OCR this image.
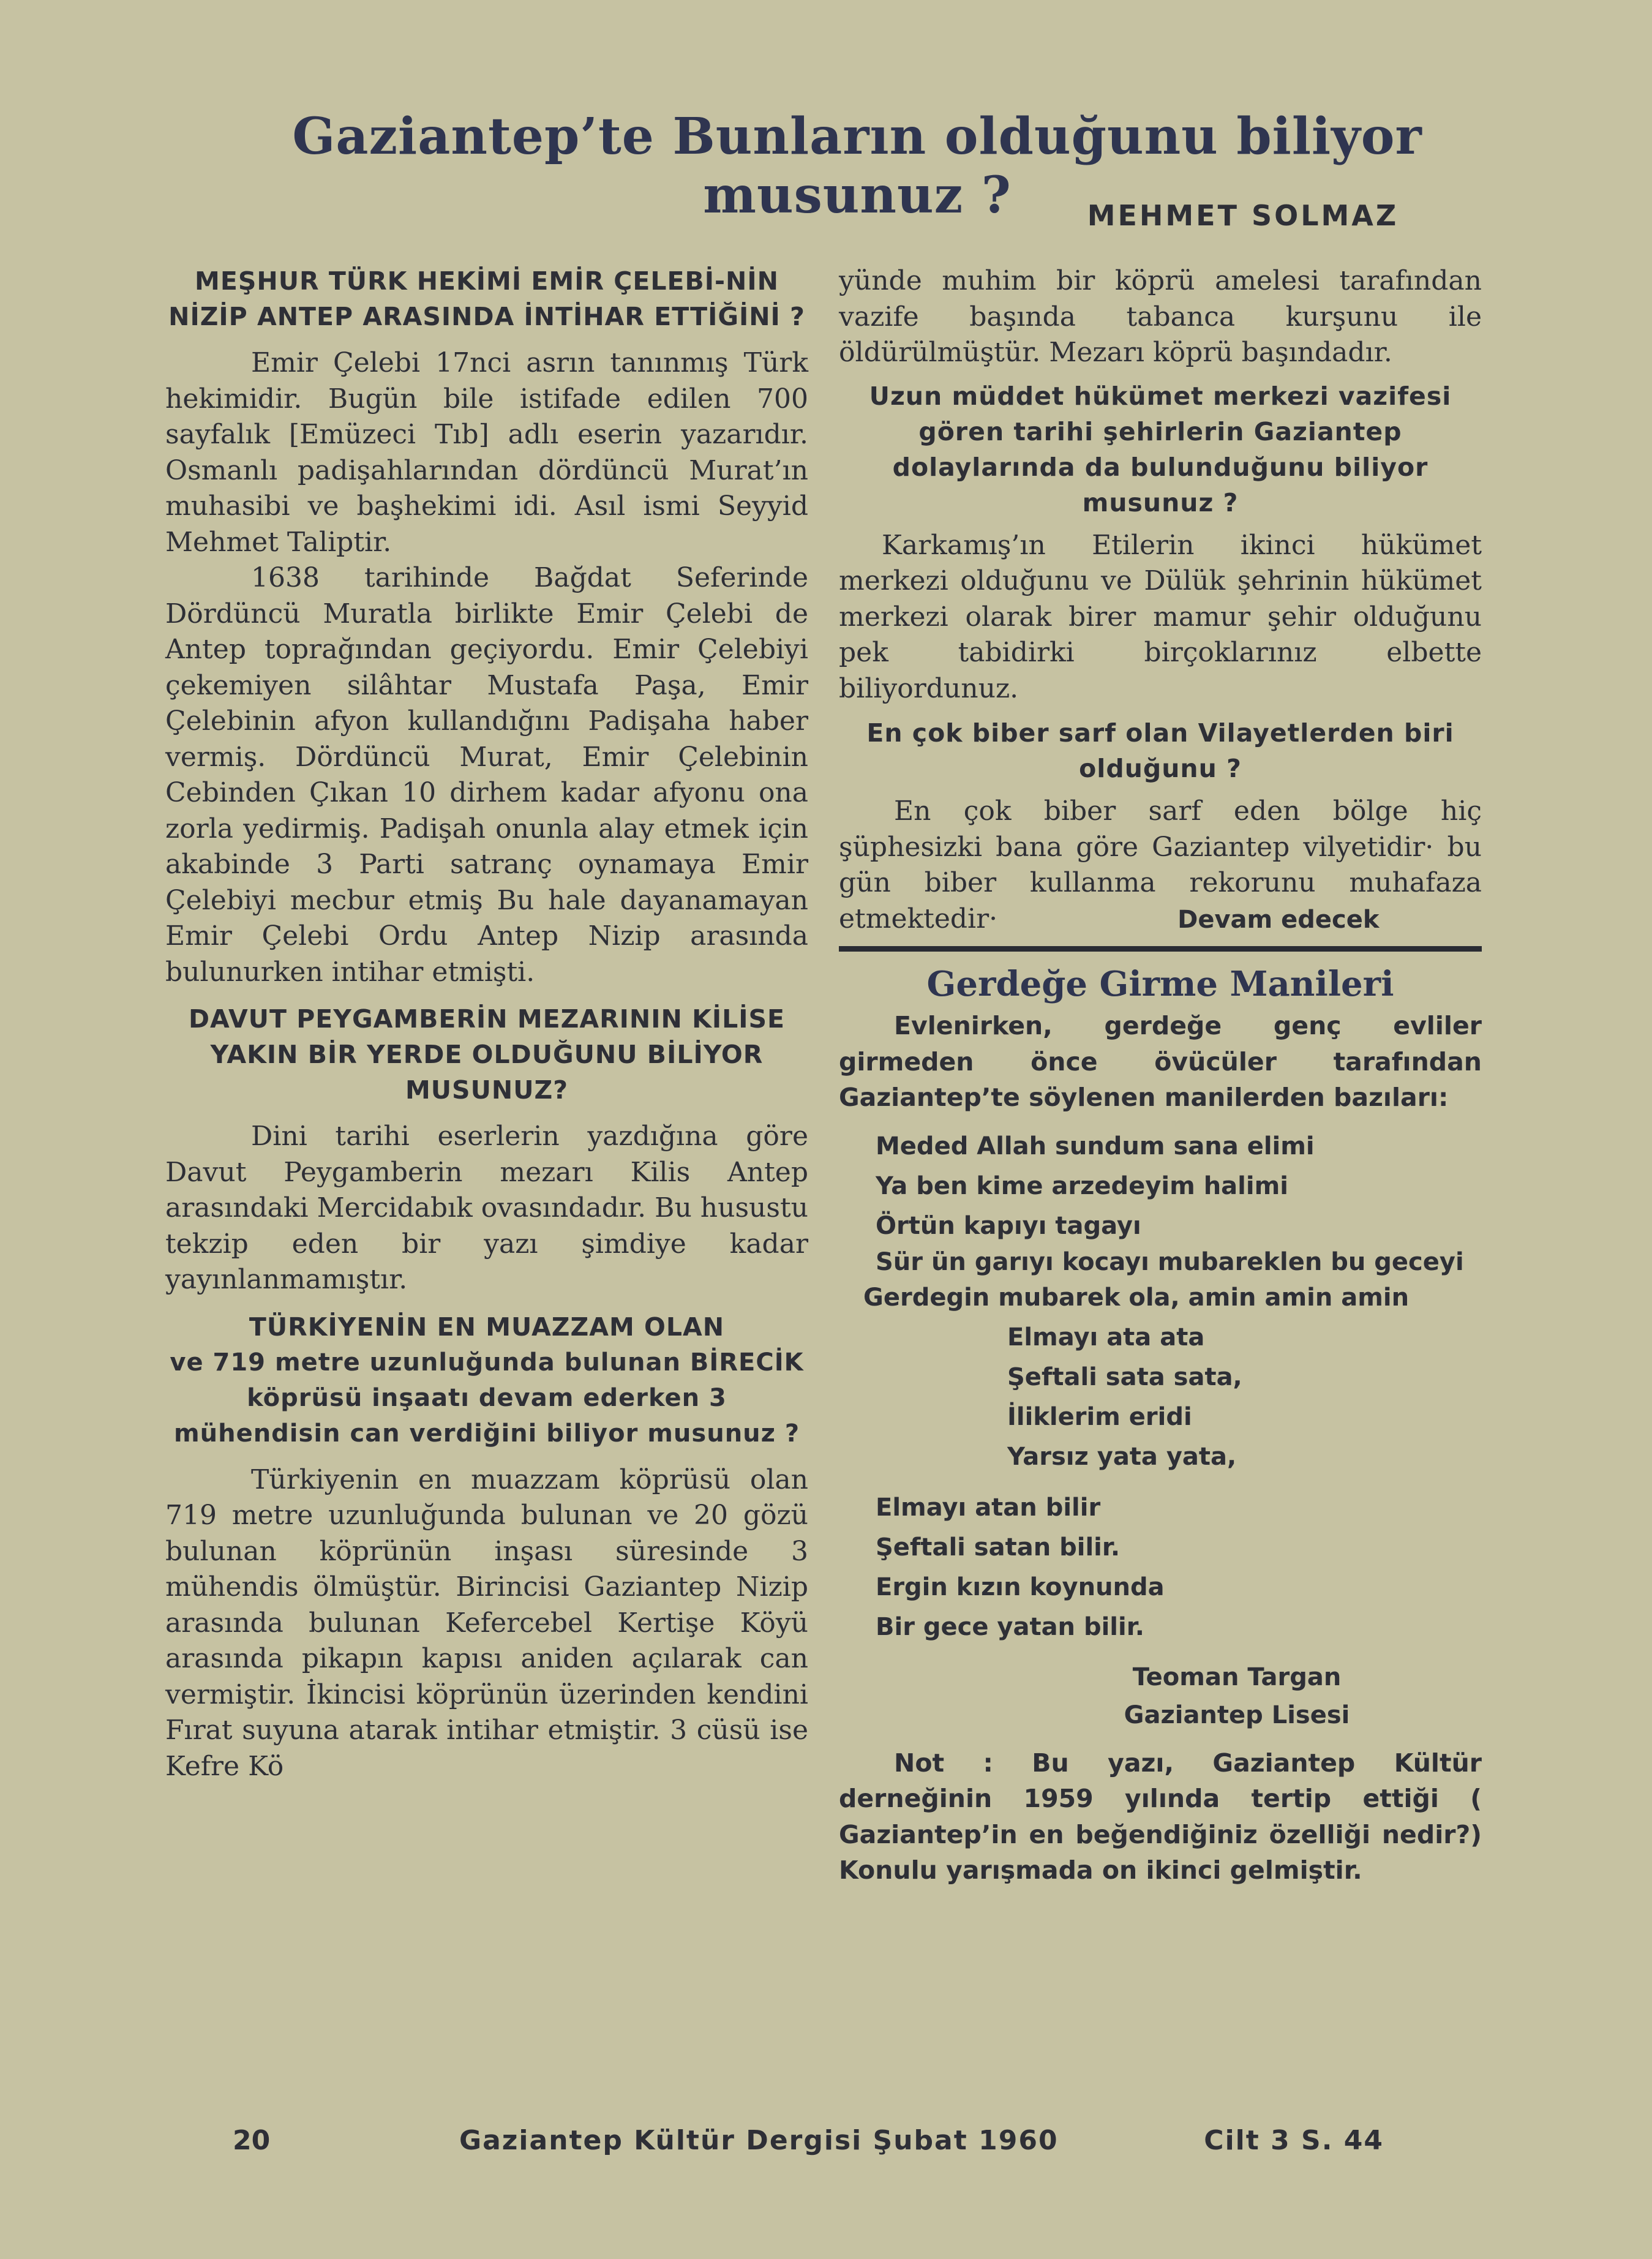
Gaziantep’te Bunların olduğunu biliyor musunuz ?	MEHMET SOLMAZ

MEŞHUR TÜRK HEKİMİ EMİR ÇELEBİ-NİN NİZİP ANTEP ARASINDA İNTİHAR ETTİĞİNİ ?

Emir Çelebi 17nci asrın tanınmış Türk hekimidir. Bugün bile istifade edilen 700 sayfalık [Emüzeci Tıb] adlı eserin yazarıdır. Osmanlı padişahlarından dördüncü Murat’ın muhasibi ve başhekimi idi. Asıl ismi Seyyid Mehmet Taliptir.

1638 tarihinde Bağdat Seferinde Dördüncü Muratla birlikte Emir Çelebi de Antep toprağından geçiyordu. Emir Çelebiyi çekemiyen silâhtar Mustafa Paşa, Emir Çelebinin afyon kullandığını Padişaha haber vermiş. Dördüncü Murat, Emir Çelebinin Cebinden Çıkan 10 dirhem kadar afyonu ona zorla yedirmiş. Padişah onunla alay etmek için akabinde 3 Parti satranç oynamaya Emir Çelebiyi mecbur etmiş Bu hale dayanamayan Emir Çelebi Ordu Antep Nizip arasında bulunurken intihar etmişti.

DAVUT PEYGAMBERİN MEZARININ KİLİSE YAKIN BİR YERDE OLDUĞUNU BİLİYOR MUSUNUZ?

Dini tarihi eserlerin yazdığına göre Davut Peygamberin mezarı Kilis Antep arasındaki Mercidabık ovasındadır. Bu husustu tekzip eden bir yazı şimdiye kadar yayınlanmamıştır.

TÜRKİYENİN EN MUAZZAM OLAN

ve 719 metre uzunluğunda bulunan BİRECİK köprüsü inşaatı devam ederken 3 mühendisin can verdiğini biliyor musunuz ?

Türkiyenin en muazzam köprüsü olan 719 metre uzunluğunda bulunan ve 20 gözü bulunan köprünün inşası süresinde 3 mühendis ölmüştür. Birincisi Gaziantep Nizip arasında bulunan Kefercebel Kertişe Köyü arasında pikapın kapısı aniden açılarak can vermiştir. İkincisi köprünün üzerinden kendini Fırat suyuna atarak intihar etmiştir. 3 cüsü ise Kefre Kö

yünde muhim bir köprü amelesi tarafından vazife başında tabanca kurşunu ile öldürülmüştür. Mezarı köprü başındadır.

Uzun müddet hükümet merkezi vazifesi gören tarihi şehirlerin Gaziantep dolaylarında da bulunduğunu biliyor musunuz ?

Karkamış’ın Etilerin ikinci hükümet merkezi olduğunu ve Dülük şehrinin hükümet merkezi olarak birer mamur şehir olduğunu pek tabidirki birçoklarınız elbette biliyordunuz.

En çok biber sarf olan Vilayetlerden biri olduğunu ?

En çok biber sarf eden bölge hiç şüphesizki bana göre Gaziantep vilyetidir· bu gün biber kullanma rekorunu muhafaza etmektedir·	Devam edecek

Gerdeğe Girme Manileri

Evlenirken, gerdeğe genç evliler girmeden önce övücüler tarafından Gaziantep’te söylenen manilerden bazıları:

Meded Allah sundum sana elimi

Ya ben kime arzedeyim halimi

Örtün kapıyı tagayı

Sür ün garıyı kocayı mubareklen bu geceyi

Gerdegin mubarek ola, amin amin amin

Elmayı ata ata

Şeftali sata sata,

İliklerim eridi

Yarsız yata yata,

Elmayı atan bilir

Şeftali satan bilir.

Ergin kızın koynunda

Bir gece yatan bilir.

Teoman Targan

Gaziantep Lisesi

Not : Bu yazı, Gaziantep Kültür derneğinin 1959 yılında tertip ettiği ( Gaziantep’in en beğendiğiniz özelliği nedir?) Konulu yarışmada on ikinci gelmiştir.

20	Gaziantep Kültür Dergisi Şubat 1960	Cilt 3 S. 44
